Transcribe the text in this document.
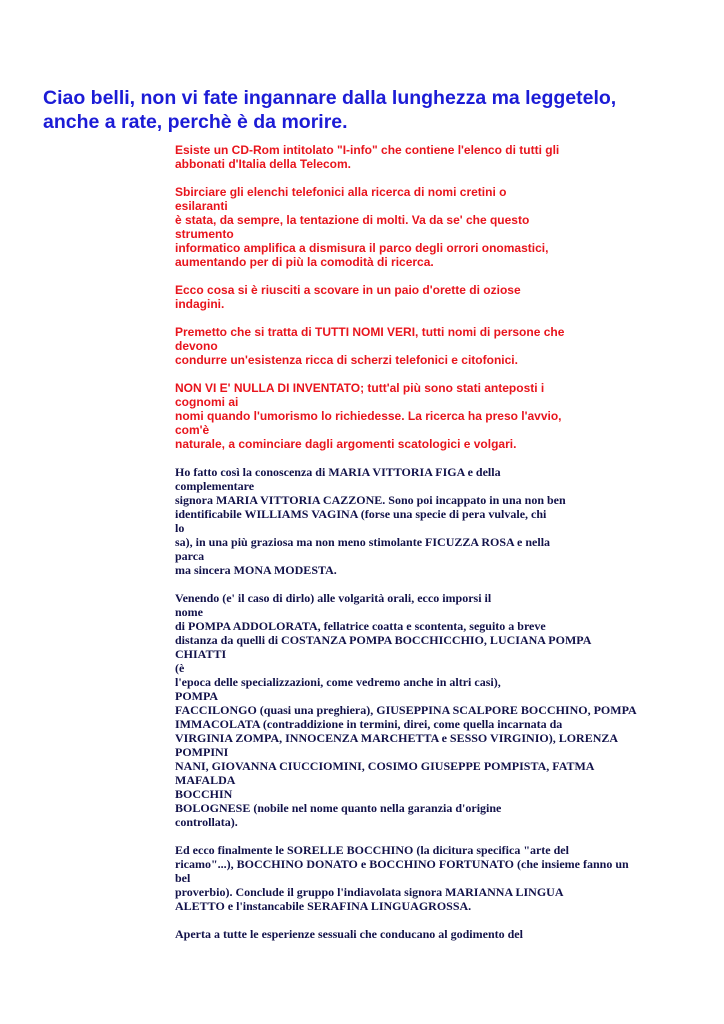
Ciao belli, non vi fate ingannare dalla lunghezza ma leggetelo,
anche a rate, perchè è da morire.

Esiste un CD-Rom intitolato "I-info" che contiene l'elenco di tutti gli
abbonati d'Italia della Telecom.

Sbirciare gli elenchi telefonici alla ricerca di nomi cretini o
esilaranti
è stata, da sempre, la tentazione di molti. Va da se' che questo
strumento
informatico amplifica a dismisura il parco degli orrori onomastici,
aumentando per di più la comodità di ricerca.

Ecco cosa si è riusciti a scovare in un paio d'orette di oziose
indagini.

Premetto che si tratta di TUTTI NOMI VERI, tutti nomi di persone che
devono
condurre un'esistenza ricca di scherzi telefonici e citofonici.

NON VI E' NULLA DI INVENTATO; tutt'al più sono stati anteposti i
cognomi ai
nomi quando l'umorismo lo richiedesse. La ricerca ha preso l'avvio,
com'è
naturale, a cominciare dagli argomenti scatologici e volgari.

Ho fatto così la conoscenza di MARIA VITTORIA FIGA e della
complementare
signora MARIA VITTORIA CAZZONE. Sono poi incappato in una non ben
identificabile WILLIAMS VAGINA (forse una specie di pera vulvale, chi
lo
sa), in una più graziosa ma non meno stimolante FICUZZA ROSA e nella
parca
ma sincera MONA MODESTA.

Venendo (e' il caso di dirlo) alle volgarità orali, ecco imporsi il
nome
di POMPA ADDOLORATA, fellatrice coatta e scontenta, seguito a breve
distanza da quelli di COSTANZA POMPA BOCCHICCHIO, LUCIANA POMPA
CHIATTI
(è
l'epoca delle specializzazioni, come vedremo anche in altri casi),
POMPA
FACCILONGO (quasi una preghiera), GIUSEPPINA SCALPORE BOCCHINO, POMPA
IMMACOLATA (contraddizione in termini, direi, come quella incarnata da
VIRGINIA ZOMPA, INNOCENZA MARCHETTA e SESSO VIRGINIO), LORENZA
POMPINI
NANI, GIOVANNA CIUCCIOMINI, COSIMO GIUSEPPE POMPISTA, FATMA
MAFALDA
BOCCHIN
BOLOGNESE (nobile nel nome quanto nella garanzia d'origine
controllata).

Ed ecco finalmente le SORELLE BOCCHINO (la dicitura specifica "arte del
ricamo"...), BOCCHINO DONATO e BOCCHINO FORTUNATO (che insieme fanno un
bel
proverbio). Conclude il gruppo l'indiavolata signora MARIANNA LINGUA
ALETTO e l'instancabile SERAFINA LINGUAGROSSA.

Aperta a tutte le esperienze sessuali che conducano al godimento del
